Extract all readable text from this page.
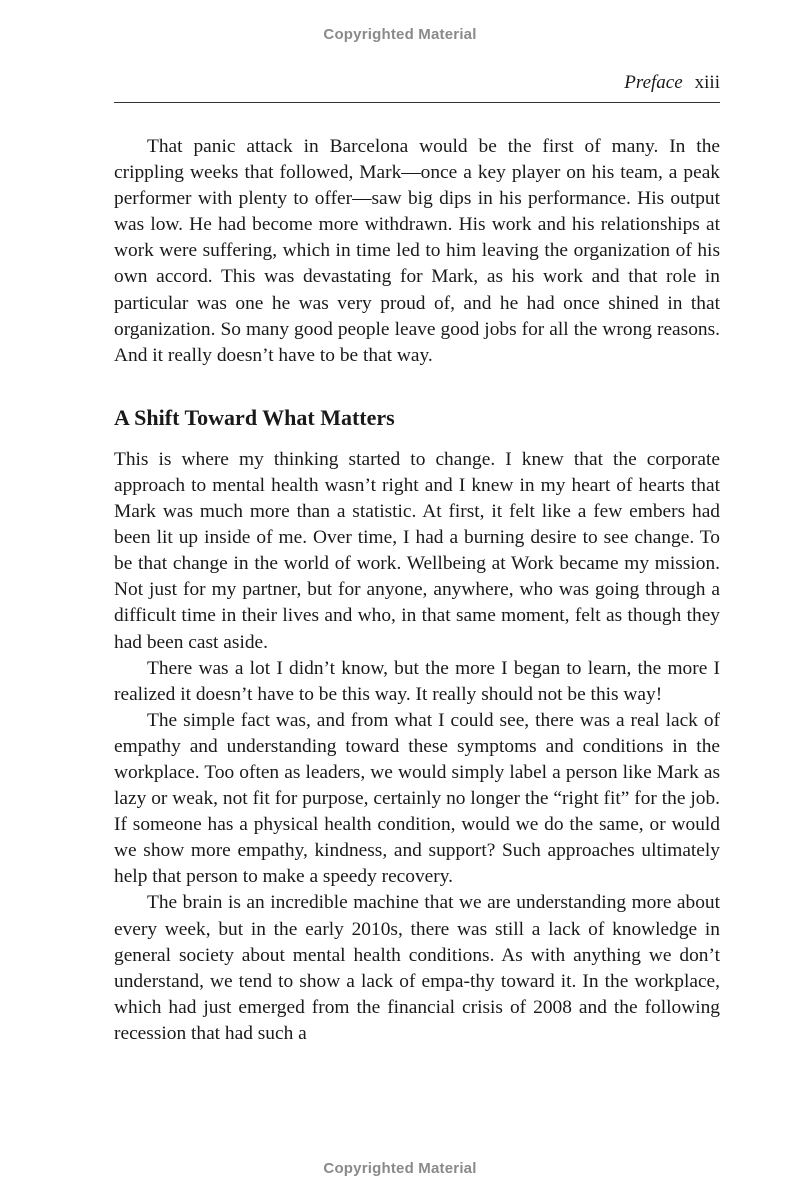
Copyrighted Material
Preface xiii

That panic attack in Barcelona would be the first of many. In the crippling weeks that followed, Mark—once a key player on his team, a peak performer with plenty to offer—saw big dips in his performance. His output was low. He had become more withdrawn. His work and his relationships at work were suffering, which in time led to him leaving the organization of his own accord. This was devastating for Mark, as his work and that role in particular was one he was very proud of, and he had once shined in that organization. So many good people leave good jobs for all the wrong reasons. And it really doesn’t have to be that way.

A Shift Toward What Matters

This is where my thinking started to change. I knew that the corporate approach to mental health wasn’t right and I knew in my heart of hearts that Mark was much more than a statistic. At first, it felt like a few embers had been lit up inside of me. Over time, I had a burning desire to see change. To be that change in the world of work. Wellbeing at Work became my mission. Not just for my partner, but for anyone, anywhere, who was going through a difficult time in their lives and who, in that same moment, felt as though they had been cast aside.

There was a lot I didn’t know, but the more I began to learn, the more I realized it doesn’t have to be this way. It really should not be this way!

The simple fact was, and from what I could see, there was a real lack of empathy and understanding toward these symptoms and conditions in the workplace. Too often as leaders, we would simply label a person like Mark as lazy or weak, not fit for purpose, certainly no longer the “right fit” for the job. If someone has a physical health condition, would we do the same, or would we show more empathy, kindness, and support? Such approaches ultimately help that person to make a speedy recovery.

The brain is an incredible machine that we are understanding more about every week, but in the early 2010s, there was still a lack of knowledge in general society about mental health conditions. As with anything we don’t understand, we tend to show a lack of empa-thy toward it. In the workplace, which had just emerged from the financial crisis of 2008 and the following recession that had such a

Copyrighted Material
